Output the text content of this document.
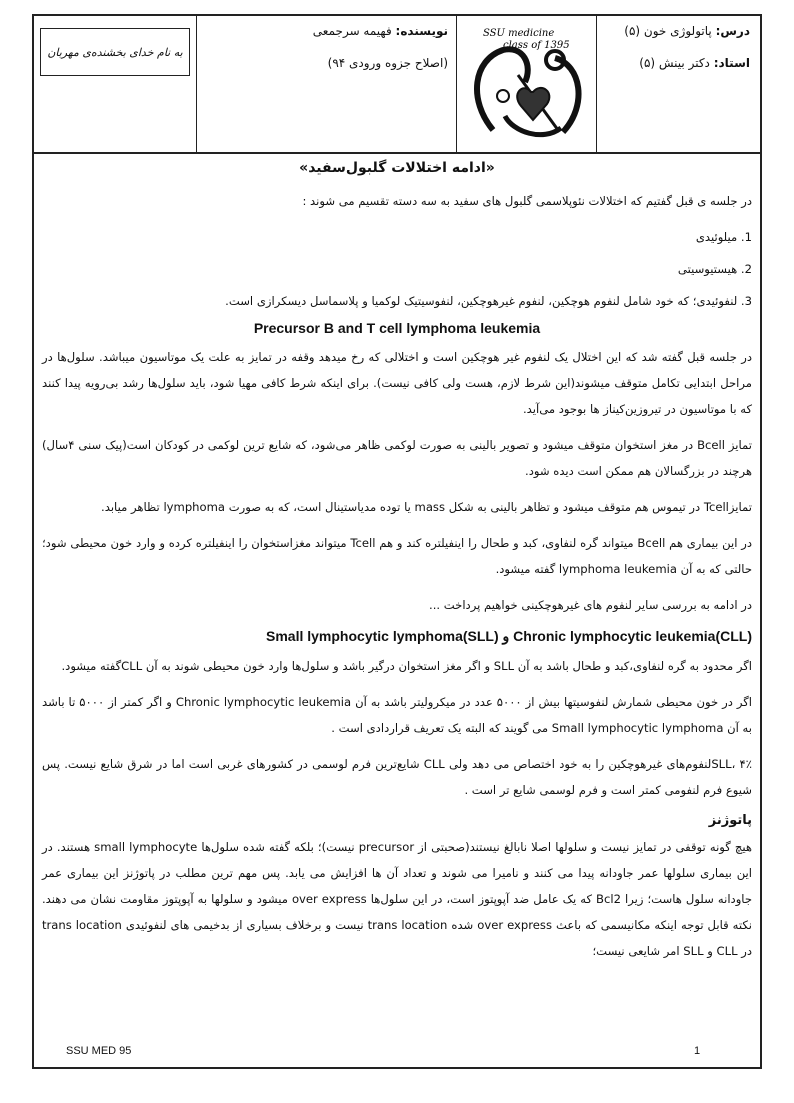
درس: پاتولوژی خون (۵)
استاد: دکتر بینش (۵)
SSU medicine
class of 1395
نویسنده: فهیمه سرجمعی
(اصلاح جزوه ورودی ۹۴)
به نام خدای بخشنده‌ی مهربان
«ادامه اختلالات گلبول‌سفید»

در جلسه ی قبل گفتیم که اختلالات نئوپلاسمی گلبول های سفید به سه دسته تقسیم می شوند :

1. میلوئیدی
2. هیستیوسیتی
3. لنفوئیدی؛ که خود شامل لنفوم هوچکین، لنفوم غیرهوچکین، لنفوسیتیک لوکمیا و پلاسماسل دیسکرازی است.
Precursor B and T cell lymphoma leukemia

در جلسه قبل گفته شد که این اختلال یک لنفوم غیر هوچکین است و اختلالی که رخ میدهد وقفه در تمایز به علت یک موتاسیون میباشد. سلول‌ها در مراحل ابتدایی تکامل متوقف میشوند(این شرط لازم، هست ولی کافی نیست). برای اینکه شرط کافی مهیا شود، باید سلول‌ها رشد بی‌رویه پیدا کنند که با موتاسیون در تیروزین‌کیناز ها بوجود می‌آید.

تمایز Bcell در مغز استخوان متوقف میشود و تصویر بالینی به صورت لوکمی ظاهر می‌شود، که شایع ترین لوکمی در کودکان است(پیک سنی ۴سال) هرچند در بزرگسالان هم ممکن است دیده شود.

تمایزTcell در تیموس هم متوقف میشود و تظاهر بالینی به شکل mass یا توده مدیاستینال است، که به صورت lymphoma تظاهر میابد.

در این بیماری هم Bcell میتواند گره لنفاوی، کبد و طحال را اینفیلتره کند و هم Tcell میتواند مغزاستخوان را اینفیلتره کرده و وارد خون محیطی شود؛ حالتی که به آن lymphoma leukemia گفته میشود.

در ادامه به بررسی سایر لنفوم های غیرهوچکینی خواهیم پرداخت ...

Chronic lymphocytic leukemia(CLL) و Small lymphocytic lymphoma(SLL)

اگر محدود به گره لنفاوی،کبد و طحال باشد به آن SLL و اگر مغز استخوان درگیر باشد و سلول‌ها وارد خون محیطی شوند به آن CLLگفته میشود.

اگر در خون محیطی شمارش لنفوسیتها بیش از ۵۰۰۰ عدد در میکرولیتر باشد به آن Chronic lymphocytic leukemia و اگر کمتر از ۵۰۰۰ تا باشد به آن Small lymphocytic lymphoma می گویند که البته یک تعریف قراردادی است .

SLL، ۴٪لنفوم‌های غیرهوچکین را به خود اختصاص می دهد ولی CLL شایع‌ترین فرم لوسمی در کشورهای غربی است اما در شرق شایع نیست. پس شیوع فرم لنفومی کمتر است و فرم لوسمی شایع تر است .

پاتوژنز

هیچ گونه توقفی در تمایز نیست و سلولها اصلا نابالغ نیستند(صحبتی از precursor نیست)؛ بلکه گفته شده سلول‌ها small lymphocyte هستند. در این بیماری سلولها عمر جاودانه پیدا می کنند و نامیرا می شوند و تعداد آن ها افزایش می یابد. پس مهم ترین مطلب در پاتوژنز این بیماری عمر جاودانه سلول هاست؛ زیرا Bcl2 که یک عامل ضد آپوپتوز است، در این سلول‌ها over express میشود و سلولها به آپوپتوز مقاومت نشان می دهند. نکته قابل توجه اینکه مکانیسمی که باعث over express شده trans location نیست و برخلاف بسیاری از بدخیمی های لنفوئیدی trans location در CLL و SLL امر شایعی نیست؛

SSU MED 95	1
